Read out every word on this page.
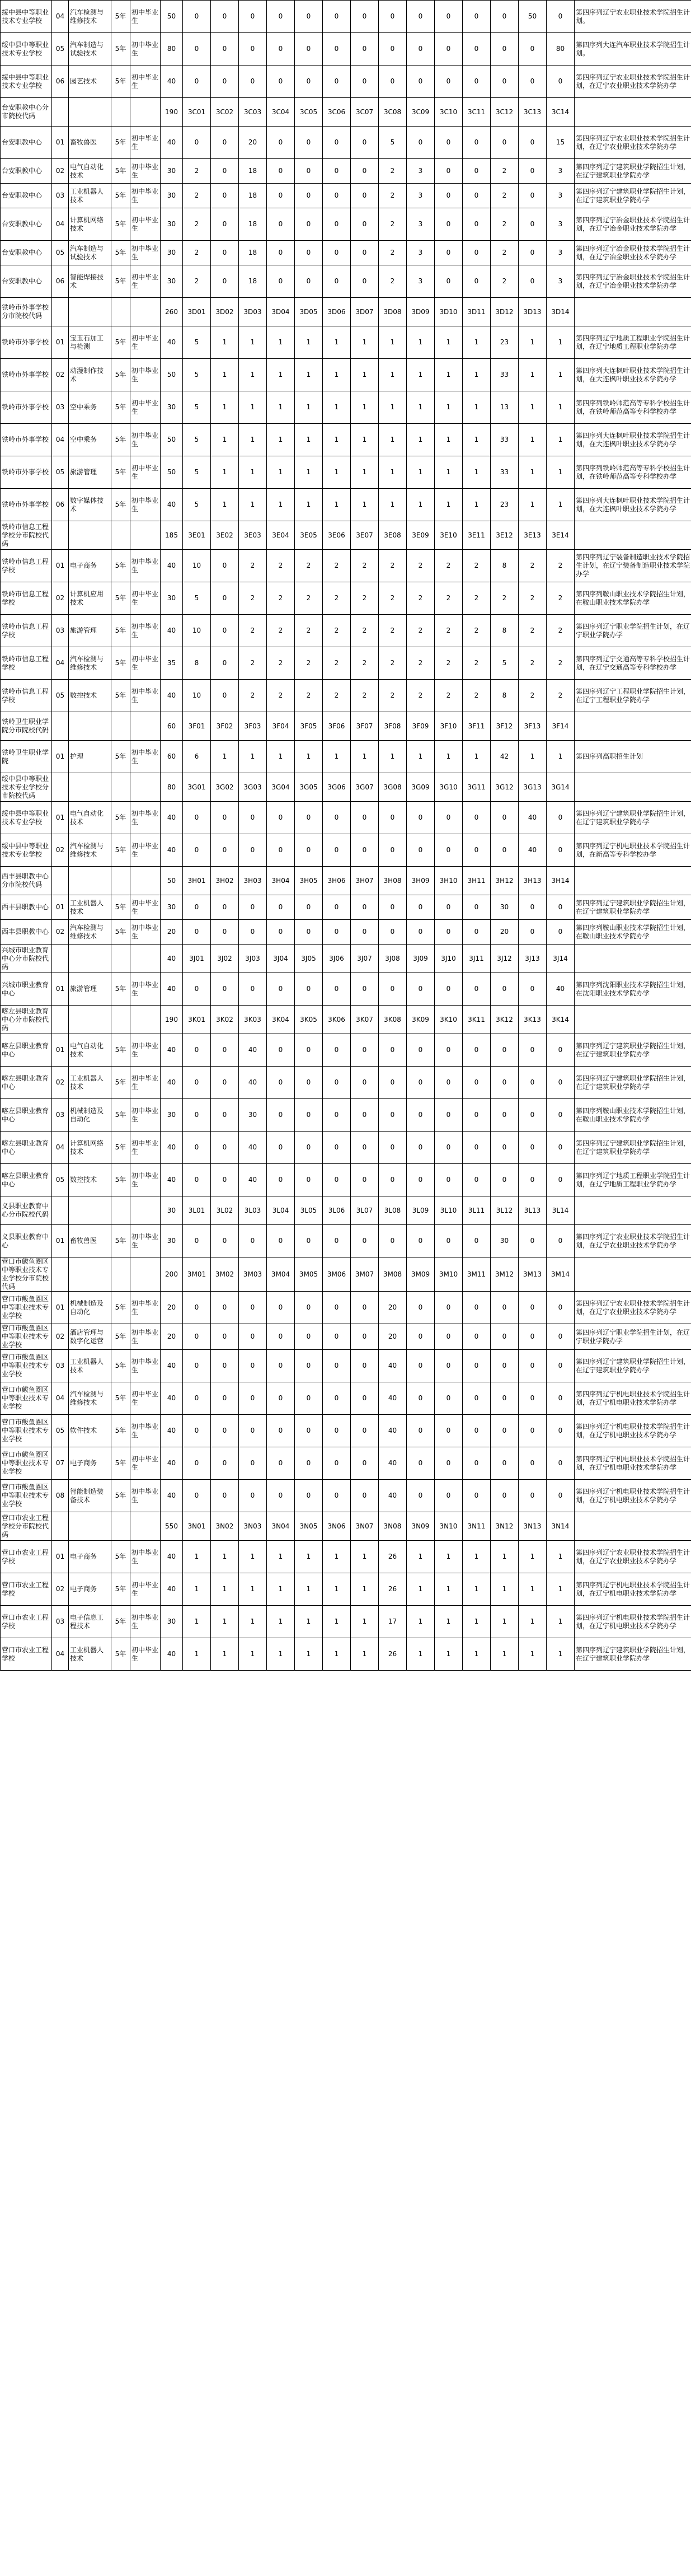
绥中县中等职业技术专业学校	04	汽车检测与维修技术	5年	初中毕业生	50	0	0	0	0	0	0	0	0	0	0	0	0	50	0	第四序列辽宁农业职业技术学院招生计划。
绥中县中等职业技术专业学校	05	汽车制造与试验技术	5年	初中毕业生	80	0	0	0	0	0	0	0	0	0	0	0	0	0	80	第四序列大连汽车职业技术学院招生计划。
绥中县中等职业技术专业学校	06	园艺技术	5年	初中毕业生	40	0	0	0	0	0	0	0	0	0	0	0	0	0	0	第四序列辽宁农业职业技术学院招生计划，在辽宁农业职业技术学院办学
台安职教中心分市院校代码					190	3C01	3C02	3C03	3C04	3C05	3C06	3C07	3C08	3C09	3C10	3C11	3C12	3C13	3C14	
台安职教中心	01	畜牧兽医	5年	初中毕业生	40	0	0	20	0	0	0	0	5	0	0	0	0	0	15	第四序列辽宁农业职业技术学院招生计划，在辽宁农业职业技术学院办学
台安职教中心	02	电气自动化技术	5年	初中毕业生	30	2	0	18	0	0	0	0	2	3	0	0	2	0	3	第四序列辽宁建筑职业学院招生计划，在辽宁建筑职业学院办学
台安职教中心	03	工业机器人技术	5年	初中毕业生	30	2	0	18	0	0	0	0	2	3	0	0	2	0	3	第四序列辽宁建筑职业学院招生计划，在辽宁建筑职业学院办学
台安职教中心	04	计算机网络技术	5年	初中毕业生	30	2	0	18	0	0	0	0	2	3	0	0	2	0	3	第四序列辽宁冶金职业技术学院招生计划，在辽宁冶金职业技术学院办学
台安职教中心	05	汽车制造与试验技术	5年	初中毕业生	30	2	0	18	0	0	0	0	2	3	0	0	2	0	3	第四序列辽宁冶金职业技术学院招生计划，在辽宁冶金职业技术学院办学
台安职教中心	06	智能焊接技术	5年	初中毕业生	30	2	0	18	0	0	0	0	2	3	0	0	2	0	3	第四序列辽宁冶金职业技术学院招生计划，在辽宁冶金职业技术学院办学
铁岭市外事学校分市院校代码					260	3D01	3D02	3D03	3D04	3D05	3D06	3D07	3D08	3D09	3D10	3D11	3D12	3D13	3D14	
铁岭市外事学校	01	宝玉石加工与检测	5年	初中毕业生	40	5	1	1	1	1	1	1	1	1	1	1	23	1	1	第四序列辽宁地质工程职业学院招生计划，在辽宁地质工程职业学院办学
铁岭市外事学校	02	动漫制作技术	5年	初中毕业生	50	5	1	1	1	1	1	1	1	1	1	1	33	1	1	第四序列大连枫叶职业技术学院招生计划，在大连枫叶职业技术学院办学
铁岭市外事学校	03	空中乘务	5年	初中毕业生	30	5	1	1	1	1	1	1	1	1	1	1	13	1	1	第四序列铁岭师范高等专科学校招生计划，在铁岭师范高等专科学校办学
铁岭市外事学校	04	空中乘务	5年	初中毕业生	50	5	1	1	1	1	1	1	1	1	1	1	33	1	1	第四序列大连枫叶职业技术学院招生计划，在大连枫叶职业技术学院办学
铁岭市外事学校	05	旅游管理	5年	初中毕业生	50	5	1	1	1	1	1	1	1	1	1	1	33	1	1	第四序列铁岭师范高等专科学校招生计划，在铁岭师范高等专科学校办学
铁岭市外事学校	06	数字媒体技术	5年	初中毕业生	40	5	1	1	1	1	1	1	1	1	1	1	23	1	1	第四序列大连枫叶职业技术学院招生计划，在大连枫叶职业技术学院办学
铁岭市信息工程学校分市院校代码					185	3E01	3E02	3E03	3E04	3E05	3E06	3E07	3E08	3E09	3E10	3E11	3E12	3E13	3E14	
铁岭市信息工程学校	01	电子商务	5年	初中毕业生	40	10	0	2	2	2	2	2	2	2	2	2	8	2	2	第四序列辽宁装备制造职业技术学院招生计划，在辽宁装备制造职业技术学院办学
铁岭市信息工程学校	02	计算机应用技术	5年	初中毕业生	30	5	0	2	2	2	2	2	2	2	2	2	2	2	2	第四序列鞍山职业技术学院招生计划，在鞍山职业技术学院办学
铁岭市信息工程学校	03	旅游管理	5年	初中毕业生	40	10	0	2	2	2	2	2	2	2	2	2	8	2	2	第四序列辽宁职业学院招生计划，在辽宁职业学院办学
铁岭市信息工程学校	04	汽车检测与维修技术	5年	初中毕业生	35	8	0	2	2	2	2	2	2	2	2	2	5	2	2	第四序列辽宁交通高等专科学校招生计划，在辽宁交通高等专科学校办学
铁岭市信息工程学校	05	数控技术	5年	初中毕业生	40	10	0	2	2	2	2	2	2	2	2	2	8	2	2	第四序列辽宁工程职业学院招生计划，在辽宁工程职业学院办学
铁岭卫生职业学院分市院校代码					60	3F01	3F02	3F03	3F04	3F05	3F06	3F07	3F08	3F09	3F10	3F11	3F12	3F13	3F14	
铁岭卫生职业学院	01	护理	5年	初中毕业生	60	6	1	1	1	1	1	1	1	1	1	1	42	1	1	第四序列高职招生计划
绥中县中等职业技术专业学校分市院校代码					80	3G01	3G02	3G03	3G04	3G05	3G06	3G07	3G08	3G09	3G10	3G11	3G12	3G13	3G14	
绥中县中等职业技术专业学校	01	电气自动化技术	5年	初中毕业生	40	0	0	0	0	0	0	0	0	0	0	0	0	40	0	第四序列辽宁建筑职业学院招生计划，在辽宁建筑职业学院办学
绥中县中等职业技术专业学校	02	汽车检测与维修技术	5年	初中毕业生	40	0	0	0	0	0	0	0	0	0	0	0	0	40	0	第四序列辽宁机电职业技术学院招生计划，在新高等专科学校办学
西丰县职教中心分市院校代码					50	3H01	3H02	3H03	3H04	3H05	3H06	3H07	3H08	3H09	3H10	3H11	3H12	3H13	3H14	
西丰县职教中心	01	工业机器人技术	5年	初中毕业生	30	0	0	0	0	0	0	0	0	0	0	0	30	0	0	第四序列辽宁建筑职业学院招生计划，在辽宁建筑职业学院办学
西丰县职教中心	02	汽车检测与维修技术	5年	初中毕业生	20	0	0	0	0	0	0	0	0	0	0	0	20	0	0	第四序列鞍山职业技术学院招生计划，在鞍山职业技术学院办学
兴城市职业教育中心分市院校代码					40	3J01	3J02	3J03	3J04	3J05	3J06	3J07	3J08	3J09	3J10	3J11	3J12	3J13	3J14	
兴城市职业教育中心	01	旅游管理	5年	初中毕业生	40	0	0	0	0	0	0	0	0	0	0	0	0	0	40	第四序列沈阳职业技术学院招生计划，在沈阳职业技术学院办学
喀左县职业教育中心分市院校代码					190	3K01	3K02	3K03	3K04	3K05	3K06	3K07	3K08	3K09	3K10	3K11	3K12	3K13	3K14	
喀左县职业教育中心	01	电气自动化技术	5年	初中毕业生	40	0	0	40	0	0	0	0	0	0	0	0	0	0	0	第四序列辽宁建筑职业学院招生计划，在辽宁建筑职业学院办学
喀左县职业教育中心	02	工业机器人技术	5年	初中毕业生	40	0	0	40	0	0	0	0	0	0	0	0	0	0	0	第四序列辽宁建筑职业学院招生计划，在辽宁建筑职业学院办学
喀左县职业教育中心	03	机械制造及自动化	5年	初中毕业生	30	0	0	30	0	0	0	0	0	0	0	0	0	0	0	第四序列鞍山职业技术学院招生计划，在鞍山职业技术学院办学
喀左县职业教育中心	04	计算机网络技术	5年	初中毕业生	40	0	0	40	0	0	0	0	0	0	0	0	0	0	0	第四序列辽宁建筑职业学院招生计划，在辽宁建筑职业学院办学
喀左县职业教育中心	05	数控技术	5年	初中毕业生	40	0	0	40	0	0	0	0	0	0	0	0	0	0	0	第四序列辽宁地质工程职业学院招生计划，在辽宁地质工程职业学院办学
义县职业教育中心分市院校代码					30	3L01	3L02	3L03	3L04	3L05	3L06	3L07	3L08	3L09	3L10	3L11	3L12	3L13	3L14	
义县职业教育中心	01	畜牧兽医	5年	初中毕业生	30	0	0	0	0	0	0	0	0	0	0	0	30	0	0	第四序列辽宁农业职业技术学院招生计划，在辽宁农业职业技术学院办学
营口市鲅鱼圈区中等职业技术专业学校分市院校代码					200	3M01	3M02	3M03	3M04	3M05	3M06	3M07	3M08	3M09	3M10	3M11	3M12	3M13	3M14	
营口市鲅鱼圈区中等职业技术专业学校	01	机械制造及自动化	5年	初中毕业生	20	0	0	0	0	0	0	0	20	0	0	0	0	0	0	第四序列辽宁农业职业技术学院招生计划，在辽宁农业职业技术学院办学
营口市鲅鱼圈区中等职业技术专业学校	02	酒店管理与数字化运营	5年	初中毕业生	20	0	0	0	0	0	0	0	20	0	0	0	0	0	0	第四序列辽宁职业学院招生计划，在辽宁职业学院办学
营口市鲅鱼圈区中等职业技术专业学校	03	工业机器人技术	5年	初中毕业生	40	0	0	0	0	0	0	0	40	0	0	0	0	0	0	第四序列辽宁建筑职业学院招生计划，在辽宁建筑职业学院办学
营口市鲅鱼圈区中等职业技术专业学校	04	汽车检测与维修技术	5年	初中毕业生	40	0	0	0	0	0	0	0	40	0	0	0	0	0	0	第四序列辽宁机电职业技术学院招生计划，在辽宁机电职业技术学院办学
营口市鲅鱼圈区中等职业技术专业学校	05	软件技术	5年	初中毕业生	40	0	0	0	0	0	0	0	40	0	0	0	0	0	0	第四序列辽宁机电职业技术学院招生计划，在辽宁机电职业技术学院办学
营口市鲅鱼圈区中等职业技术专业学校	07	电子商务	5年	初中毕业生	40	0	0	0	0	0	0	0	40	0	0	0	0	0	0	第四序列辽宁机电职业技术学院招生计划，在辽宁机电职业技术学院办学
营口市鲅鱼圈区中等职业技术专业学校	08	智能制造装备技术	5年	初中毕业生	40	0	0	0	0	0	0	0	40	0	0	0	0	0	0	第四序列辽宁机电职业技术学院招生计划，在辽宁机电职业技术学院办学
营口市农业工程学校分市院校代码					550	3N01	3N02	3N03	3N04	3N05	3N06	3N07	3N08	3N09	3N10	3N11	3N12	3N13	3N14	
营口市农业工程学校	01	电子商务	5年	初中毕业生	40	1	1	1	1	1	1	1	26	1	1	1	1	1	1	第四序列辽宁农业职业技术学院招生计划，在辽宁农业职业技术学院办学
营口市农业工程学校	02	电子商务	5年	初中毕业生	40	1	1	1	1	1	1	1	26	1	1	1	1	1	1	第四序列辽宁机电职业技术学院招生计划，在辽宁机电职业技术学院办学
营口市农业工程学校	03	电子信息工程技术	5年	初中毕业生	30	1	1	1	1	1	1	1	17	1	1	1	1	1	1	第四序列辽宁机电职业技术学院招生计划，在辽宁机电职业技术学院办学
营口市农业工程学校	04	工业机器人技术	5年	初中毕业生	40	1	1	1	1	1	1	1	26	1	1	1	1	1	1	第四序列辽宁建筑职业学院招生计划，在辽宁建筑职业学院办学
